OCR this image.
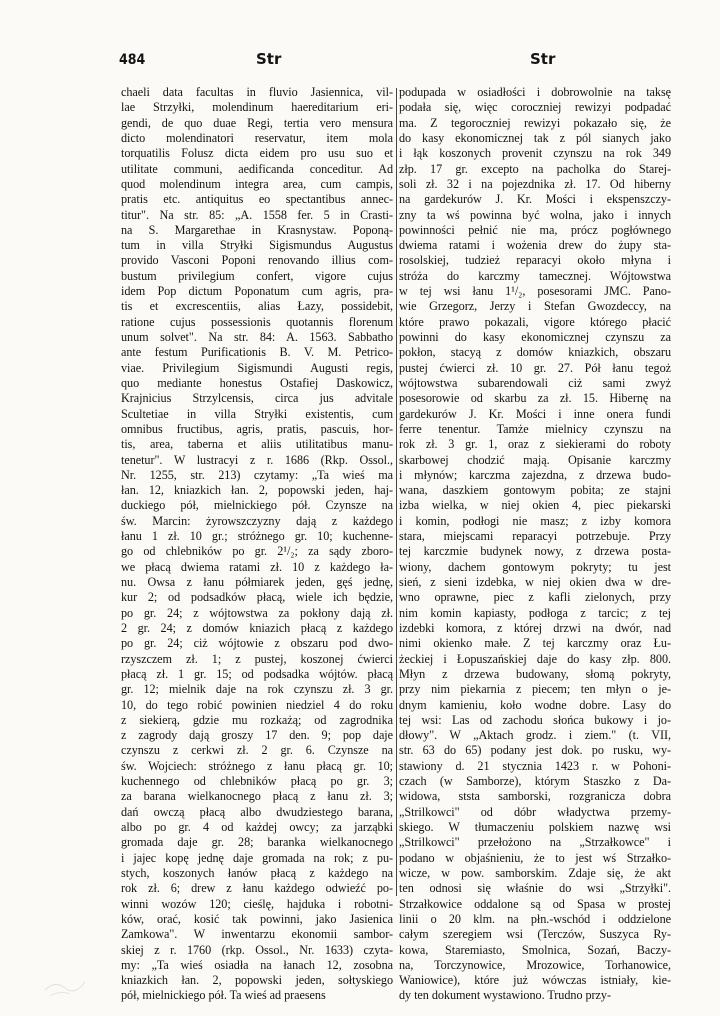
484	Str	Str
chaeli data facultas in fluvio Jasiennica, vil-
lae Strzyłki, molendinum haereditarium eri-
gendi, de quo duae Regi, tertia vero mensura
dicto molendinatori reservatur, item mola
torquatilis Folusz dicta eidem pro usu suo et
utilitate communi, aedificanda conceditur. Ad
quod molendinum integra area, cum campis,
pratis etc. antiquitus eo spectantibus annec-
titur". Na str. 85: „A. 1558 fer. 5 in Crasti-
na S. Margarethae in Krasnystaw. Poponą-
tum in villa Stryłki Sigismundus Augustus
provido Vasconi Poponi renovando illius com-
bustum privilegium confert, vigore cujus
idem Pop dictum Poponatum cum agris, pra-
tis et excrescentiis, alias Łazy, possidebit,
ratione cujus possessionis quotannis florenum
unum solvet". Na str. 84: A. 1563. Sabbatho
ante festum Purificationis B. V. M. Petrico-
viae. Privilegium Sigismundi Augusti regis,
quo mediante honestus Ostafiej Daskowicz,
Krajnicius Strzylcensis, circa jus advitale
Scultetiae in villa Stryłki existentis, cum
omnibus fructibus, agris, pratis, pascuis, hor-
tis, area, taberna et aliis utilitatibus manu-
tenetur". W lustracyi z r. 1686 (Rkp. Ossol.,
Nr. 1255, str. 213) czytamy: „Ta wieś ma
łan. 12, kniazkich łan. 2, popowski jeden, haj-
duckiego pół, mielnickiego pół. Czynsze na
św. Marcin: żyrowszczyzny dają z każdego
łanu 1 zł. 10 gr.; stróżnego gr. 10; kuchenne-
go od chlebników po gr. 2¹/₂; za sądy zboro-
we płacą dwiema ratami zł. 10 z każdego ła-
nu. Owsa z łanu półmiarek jeden, gęś jednę,
kur 2; od podsadków płacą, wiele ich będzie,
po gr. 24; z wójtowstwa za pokłony dają zł.
2 gr. 24; z domów kniazich płacą z każdego
po gr. 24; ciż wójtowie z obszaru pod dwo-
rzyszczem zł. 1; z pustej, koszonej ćwierci
płacą zł. 1 gr. 15; od podsadka wójtów. płacą
gr. 12; mielnik daje na rok czynszu zł. 3 gr.
10, do tego robić powinien niedziel 4 do roku
z siekierą, gdzie mu rozkażą; od zagrodnika
z zagrody dają groszy 17 den. 9; pop daje
czynszu z cerkwi zł. 2 gr. 6. Czynsze na
św. Wojciech: stróżnego z łanu płacą gr. 10;
kuchennego od chlebników płacą po gr. 3;
za barana wielkanocnego płacą z łanu zł. 3;
dań owczą płacą albo dwudziestego barana,
albo po gr. 4 od każdej owcy; za jarząbki
gromada daje gr. 28; baranka wielkanocnego
i jajec kopę jednę daje gromada na rok; z pu-
stych, koszonych łanów płacą z każdego na
rok zł. 6; drew z łanu każdego odwieźć po-
winni wozów 120; cieślę, hajduka i robotni-
ków, orać, kosić tak powinni, jako Jasienica
Zamkowa". W inwentarzu ekonomii sambor-
skiej z r. 1760 (rkp. Ossol., Nr. 1633) czyta-
my: „Ta wieś osiadła na łanach 12, zosobna
kniazkich łan. 2, popowski jeden, sołtyskiego
pół, mielnickiego pół. Ta wieś ad praesens
podupada w osiadłości i dobrowolnie na taksę
podała się, więc coroczniej rewizyi podpadać
ma. Z tegoroczniej rewizyi pokazało się, że
do kasy ekonomicznej tak z pól sianych jako
i łąk koszonych provenit czynszu na rok 349
złp. 17 gr. excepto na pacholka do Starej-
soli zł. 32 i na pojezdnika zł. 17. Od hiberny
na gardekurów J. Kr. Mości i ekspenszczy-
zny ta wś powinna być wolna, jako i innych
powinności pełnić nie ma, prócz pogłównego
dwiema ratami i wożenia drew do żupy sta-
rosolskiej, tudzież reparacyi około młyna i
stróża do karczmy tamecznej. Wójtowstwa
w tej wsi łanu 1¹/₂, posesorami JMC. Pano-
wie Grzegorz, Jerzy i Stefan Gwozdeccy, na
które prawo pokazali, vigore którego płacić
powinni do kasy ekonomicznej czynszu za
pokłon, stacyą z domów kniazkich, obszaru
pustej ćwierci zł. 10 gr. 27. Pół łanu tegoż
wójtowstwa subarendowali ciż sami zwyż
posesorowie od skarbu za zł. 15. Hibernę na
gardekurów J. Kr. Mości i inne onera fundi
ferre tenentur. Tamże mielnicy czynszu na
rok zł. 3 gr. 1, oraz z siekierami do roboty
skarbowej chodzić mają. Opisanie karczmy
i młynów; karczma zajezdna, z drzewa budo-
wana, daszkiem gontowym pobita; ze stajni
izba wielka, w niej okien 4, piec piekarski
i komin, podłogi nie masz; z izby komora
stara, miejscami reparacyi potrzebuje. Przy
tej karczmie budynek nowy, z drzewa posta-
wiony, dachem gontowym pokryty; tu jest
sień, z sieni izdebka, w niej okien dwa w dre-
wno oprawne, piec z kafli zielonych, przy
nim komin kapiasty, podłoga z tarcic; z tej
izdebki komora, z której drzwi na dwór, nad
nimi okienko małe. Z tej karczmy oraz Łu-
żeckiej i Łopuszańskiej daje do kasy złp. 800.
Młyn z drzewa budowany, słomą pokryty,
przy nim piekarnia z piecem; ten młyn o je-
dnym kamieniu, koło wodne dobre. Lasy do
tej wsi: Las od zachodu słońca bukowy i jo-
dłowy". W „Aktach grodz. i ziem." (t. VII,
str. 63 do 65) podany jest dok. po rusku, wy-
stawiony d. 21 stycznia 1423 r. w Pohoni-
czach (w Samborze), którym Staszko z Da-
widowa, ststa samborski, rozgranicza dobra
„Strilkowci" od dóbr władyctwa przemy-
skiego. W tłumaczeniu polskiem nazwę wsi
„Strilkowci" przełożono na „Strzałkowce" i
podano w objaśnieniu, że to jest wś Strzałko-
wicze, w pow. samborskim. Zdaje się, że akt
ten odnosi się właśnie do wsi „Strzyłki".
Strzałkowice oddalone są od Spasa w prostej
linii o 20 klm. na płn.-wschód i oddzielone
całym szeregiem wsi (Terczów, Suszyca Ry-
kowa, Staremiasto, Smolnica, Sozań, Baczy-
na, Torczynowice, Mrozowice, Torhanowice,
Waniowice), które już wówczas istniały, kie-
dy ten dokument wystawiono. Trudno przy-
